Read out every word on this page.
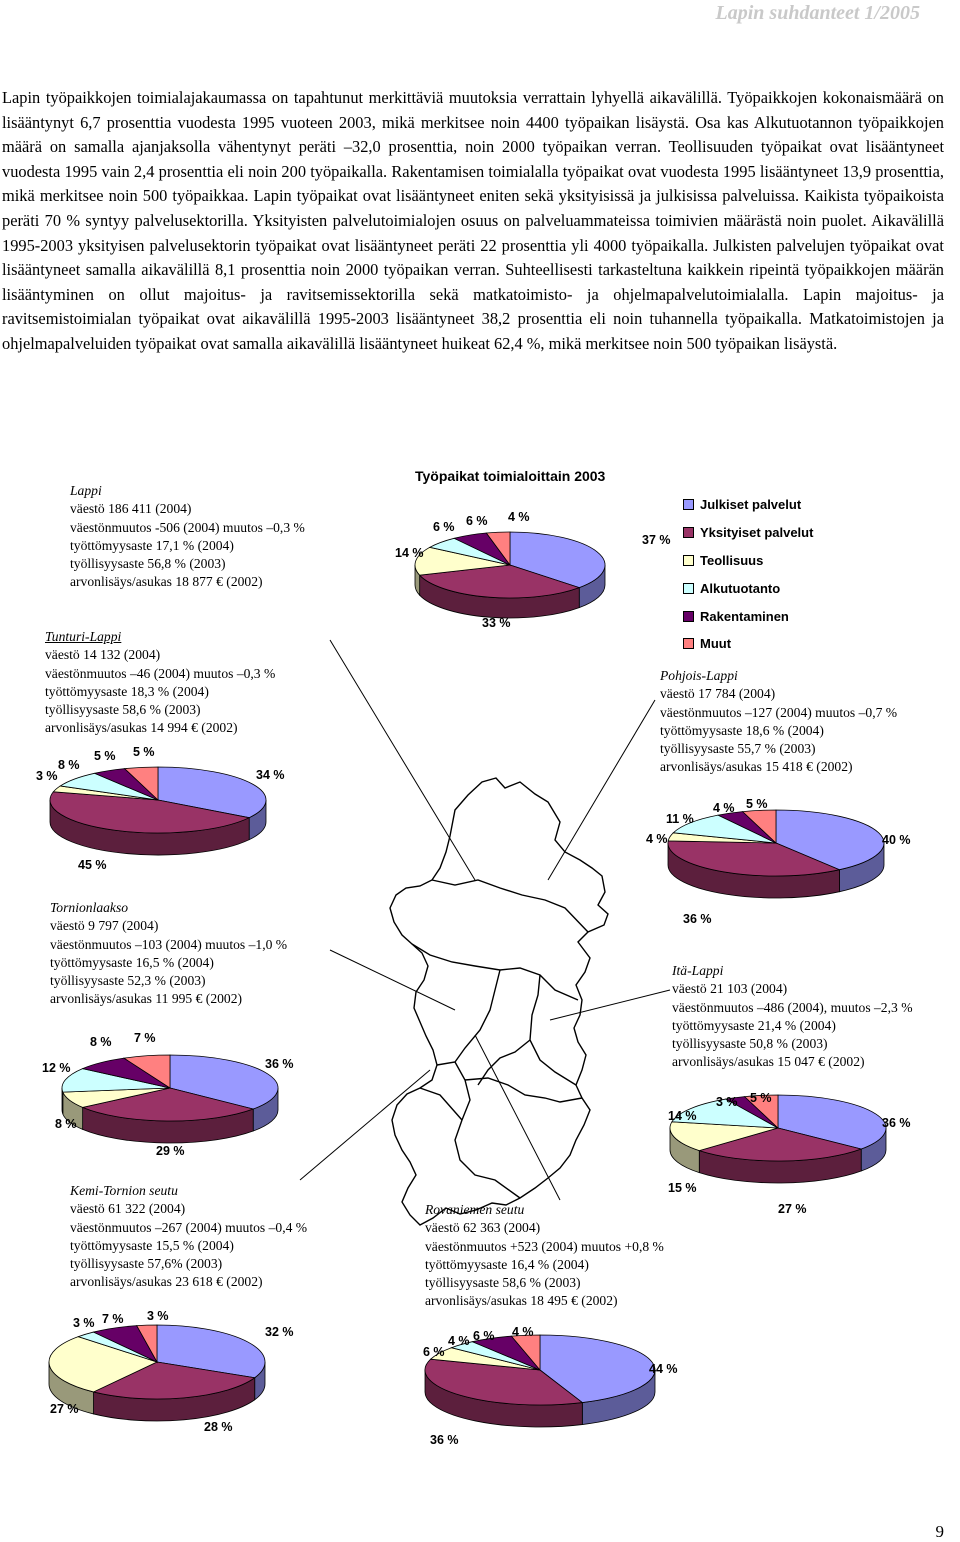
Lapin suhdanteet 1/2005

Lapin työpaikkojen toimialajakaumassa on tapahtunut merkittäviä muutoksia verrattain lyhyellä aikavälillä. Työpaikkojen kokonaismäärä on lisääntynyt 6,7 prosenttia vuodesta 1995 vuoteen 2003, mikä merkitsee noin 4400 työpaikan lisäystä. Osa kas Alkutuotannon työpaikkojen määrä on samalla ajanjaksolla vähentynyt peräti –32,0 prosenttia, noin 2000 työpaikan verran. Teollisuuden työpaikat ovat lisääntyneet vuodesta 1995 vain 2,4 prosenttia eli noin 200 työpaikalla. Rakentamisen toimialalla työpaikat ovat vuodesta 1995 lisääntyneet 13,9 prosenttia, mikä merkitsee noin 500 työpaikkaa. Lapin työpaikat ovat lisääntyneet eniten sekä yksityisissä ja julkisissa palveluissa. Kaikista työpaikoista peräti 70 % syntyy palvelusektorilla. Yksityisten palvelutoimialojen osuus on palveluammateissa toimivien määrästä noin puolet. Aikavälillä 1995-2003 yksityisen palvelusektorin työpaikat ovat lisääntyneet peräti 22 prosenttia yli 4000 työpaikalla. Julkisten palvelujen työpaikat ovat lisääntyneet samalla aikavälillä 8,1 prosenttia noin 2000 työpaikan verran. Suhteellisesti tarkasteltuna kaikkein ripeintä työpaikkojen määrän lisääntyminen on ollut majoitus- ja ravitsemissektorilla sekä matkatoimisto- ja ohjelmapalvelutoimialalla. Lapin majoitus- ja ravitsemistoimialan työpaikat ovat aikavälillä 1995-2003 lisääntyneet 38,2 prosenttia eli noin tuhannella työpaikalla. Matkatoimistojen ja ohjelmapalveluiden työpaikat ovat samalla aikavälillä lisääntyneet huikeat 62,4 %, mikä merkitsee noin 500 työpaikan lisäystä.

Lappi
väestö 186 411 (2004)
väestönmuutos -506 (2004) muutos –0,3 %
työttömyysaste 17,1 % (2004)
työllisyysaste 56,8 % (2003)
arvonlisäys/asukas 18 877 € (2002)
Tunturi-Lappi
väestö 14 132 (2004)
väestönmuutos –46 (2004) muutos –0,3 %
työttömyysaste 18,3 % (2004)
työllisyysaste 58,6 % (2003)
arvonlisäys/asukas 14 994 € (2002)
Pohjois-Lappi
väestö 17 784 (2004)
väestönmuutos –127 (2004) muutos –0,7 %
työttömyysaste 18,6 % (2004)
työllisyysaste 55,7 % (2003)
arvonlisäys/asukas 15 418 € (2002)
Tornionlaakso
väestö 9 797 (2004)
väestönmuutos –103 (2004) muutos –1,0 %
työttömyysaste 16,5 % (2004)
työllisyysaste 52,3 % (2003)
arvonlisäys/asukas 11 995 € (2002)
Itä-Lappi
väestö 21 103 (2004)
väestönmuutos –486 (2004), muutos –2,3 %
työttömyysaste 21,4 % (2004)
työllisyysaste 50,8 % (2003)
arvonlisäys/asukas 15 047 € (2002)
Kemi-Tornion seutu
väestö 61 322 (2004)
väestönmuutos –267 (2004) muutos –0,4 %
työttömyysaste 15,5 % (2004)
työllisyysaste 57,6% (2003)
arvonlisäys/asukas 23 618 € (2002)
Rovaniemen seutu
väestö 62 363 (2004)
väestönmuutos +523 (2004) muutos +0,8 %
työttömyysaste 16,4 % (2004)
työllisyysaste 58,6 % (2003)
arvonlisäys/asukas 18 495 € (2002)
Työpaikat toimialoittain 2003
Julkiset palvelut
Yksityiset palvelut
Teollisuus
Alkutuotanto
Rakentaminen
Muut
37 %
33 %
14 %
6 % 6 % 4 %
34 %
45 %
3 %
8 %
5 % 5 %
40 %
36 %
4 %
11 %
4 % 5 %
36 %
29 %
8 %
12 %
8 % 7 %
36 %
27 %
15 %
14 %
3 % 5 %
32 %
28 %
27 %
3 % 7 % 3 %
44 %
36 %
6 %
4 % 6 % 4 %
9
